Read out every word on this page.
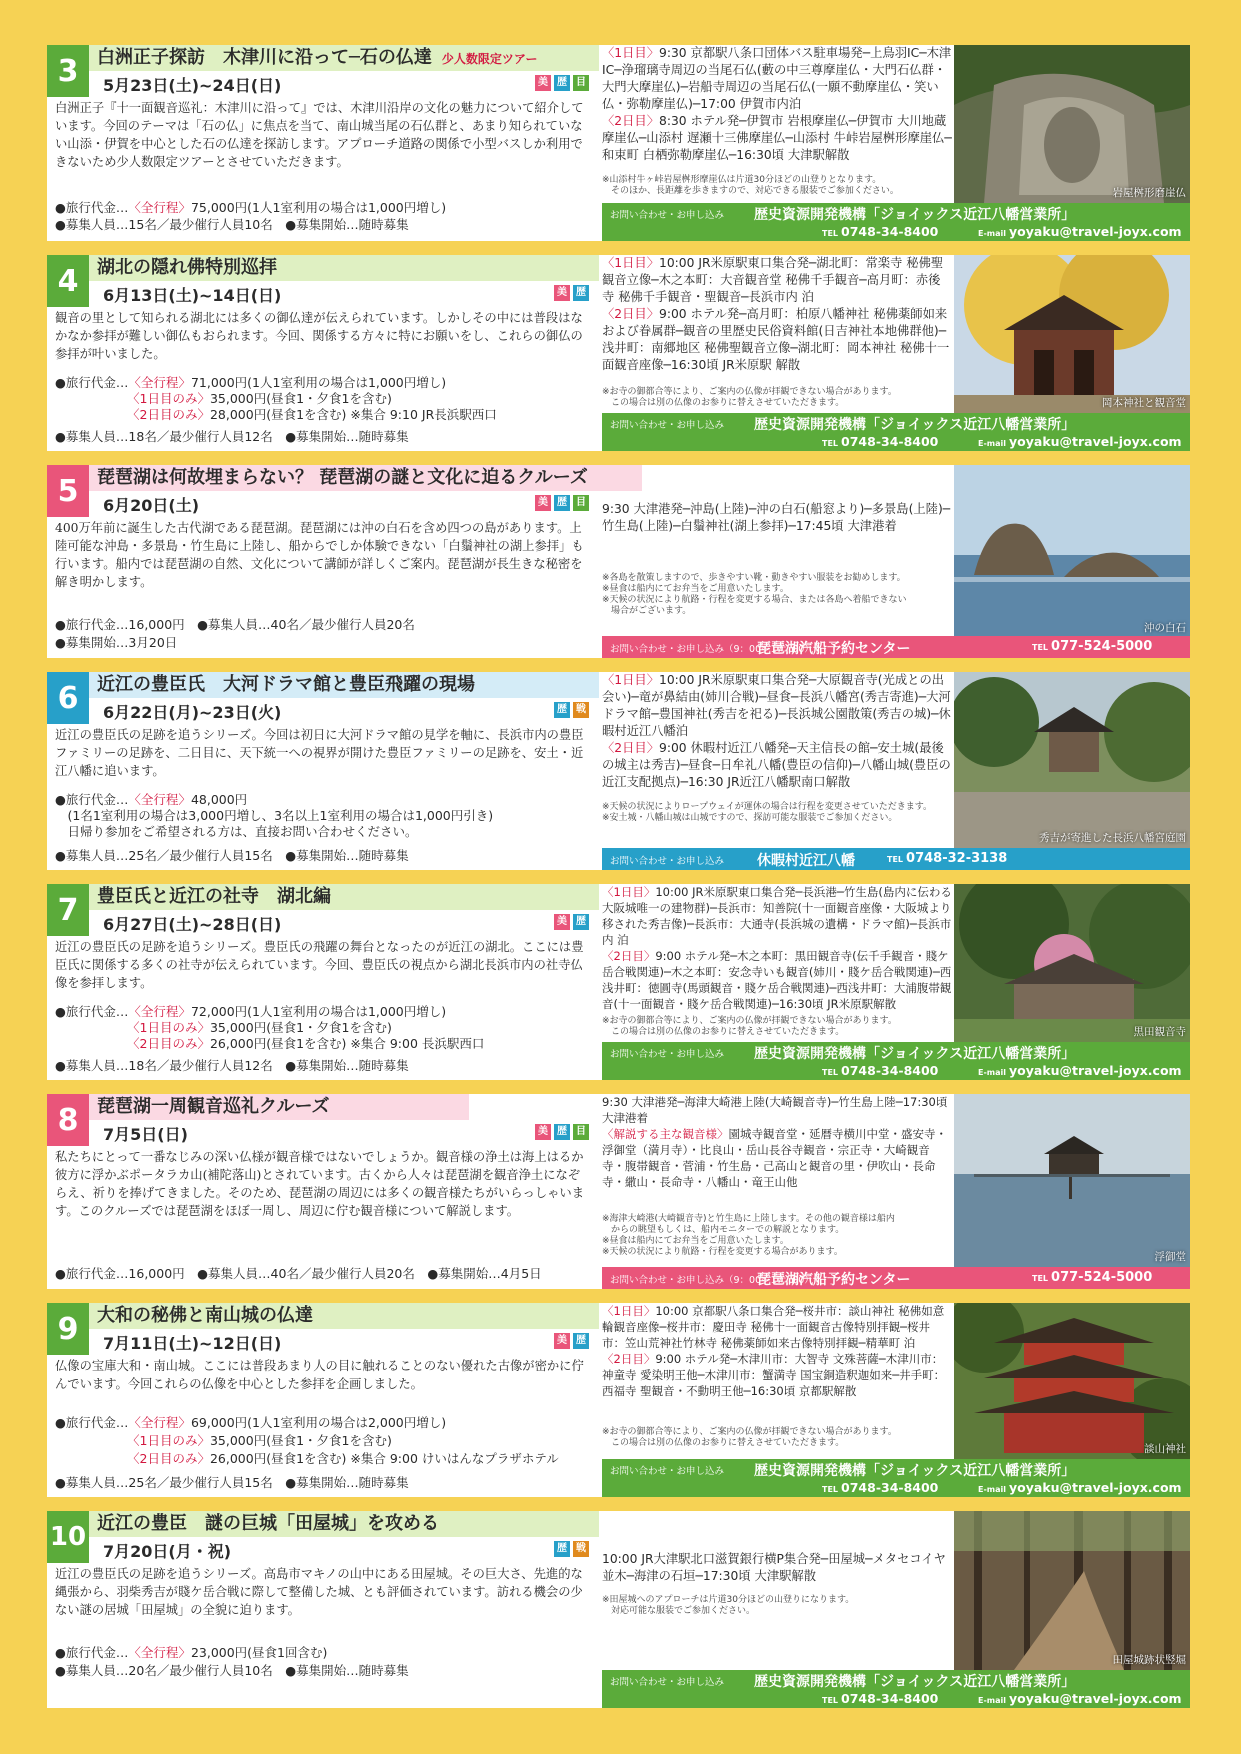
3	白洲正子探訪　木津川に沿って─石の仏達 少人数限定ツアー
5月23日(土)~24日(日)	美 歴 目
白洲正子『十一面観音巡礼：木津川に沿って』では、木津川沿岸の文化の魅力について紹介しています。今回のテーマは「石の仏」に焦点を当て、南山城当尾の石仏群と、あまり知られていない山添・伊賀を中心とした石の仏達を探訪します。アプローチ道路の関係で小型バスしか利用できないため少人数限定ツアーとさせていただきます。
●旅行代金…〈全行程〉75,000円(1人1室利用の場合は1,000円増し)
●募集人員…15名／最少催行人員10名　●募集開始…随時募集
〈1日目〉9:30 京都駅八条口団体バス駐車場発─上鳥羽IC─木津IC─浄瑠璃寺周辺の当尾石仏(藪の中三尊摩崖仏・大門石仏群・大門大摩崖仏)─岩船寺周辺の当尾石仏(一願不動摩崖仏・笑い仏・弥勒摩崖仏)─17:00 伊賀市内泊
〈2日目〉8:30 ホテル発─伊賀市 岩根摩崖仏─伊賀市 大川地蔵摩崖仏─山添村 遅瀬十三佛摩崖仏─山添村 牛峠岩屋桝形摩崖仏─和束町 白栖弥勒摩崖仏─16:30頃 大津駅解散
※山添村牛ヶ峠岩屋桝形摩崖仏は片道30分ほどの山登りとなります。
　そのほか、長距離を歩きますので、対応できる服装でご参加ください。	岩屋桝形磨崖仏
お問い合わせ・お申し込み 歴史資源開発機構「ジョイックス近江八幡営業所」
TEL 0748-34-8400	E-mail yoyaku@travel-joyx.com
4	湖北の隠れ佛特別巡拝
6月13日(土)~14日(日)	美 歴
観音の里として知られる湖北には多くの御仏達が伝えられています。しかしその中には普段はなかなか参拝が難しい御仏もおられます。今回、関係する方々に特にお願いをし、これらの御仏の参拝が叶いました。
●旅行代金…〈全行程〉71,000円(1人1室利用の場合は1,000円増し)
〈1日目のみ〉35,000円(昼食1・夕食1を含む)
〈2日目のみ〉28,000円(昼食1を含む) ※集合 9:10 JR長浜駅西口
●募集人員…18名／最少催行人員12名　●募集開始…随時募集
〈1日目〉10:00 JR米原駅東口集合発─湖北町：常楽寺 秘佛聖観音立像─木之本町：大音観音堂 秘佛千手観音─高月町：赤後寺 秘佛千手観音・聖観音─長浜市内 泊
〈2日目〉9:00 ホテル発─高月町：柏原八幡神社 秘佛薬師如来および眷属群─観音の里歴史民俗資料館(日吉神社本地佛群他)─浅井町：南郷地区 秘佛聖観音立像─湖北町：岡本神社 秘佛十一面観音座像─16:30頃 JR米原駅 解散
※お寺の御都合等により、ご案内の仏像が拝観できない場合があります。
　この場合は別の仏像のお参りに替えさせていただきます。	岡本神社と観音堂
お問い合わせ・お申し込み 歴史資源開発機構「ジョイックス近江八幡営業所」
TEL 0748-34-8400	E-mail yoyaku@travel-joyx.com
5	琵琶湖は何故埋まらない？ 琵琶湖の謎と文化に迫るクルーズ
6月20日(土)	美 歴 目
400万年前に誕生した古代湖である琵琶湖。琵琶湖には沖の白石を含め四つの島があります。上陸可能な沖島・多景島・竹生島に上陸し、船からでしか体験できない「白鬚神社の湖上参拝」も行います。船内では琵琶湖の自然、文化について講師が詳しくご案内。琵琶湖が長生きな秘密を解き明かします。
●旅行代金…16,000円　●募集人員…40名／最少催行人員20名
●募集開始…3月20日
9:30 大津港発─沖島(上陸)─沖の白石(船窓より)─多景島(上陸)─竹生島(上陸)─白鬚神社(湖上参拝)─17:45頃 大津港着
※各島を散策しますので、歩きやすい靴・動きやすい服装をお勧めします。
※昼食は船内にてお弁当をご用意いたします。
※天候の状況により航路・行程を変更する場合、または各島へ着船できない
　場合がございます。
沖の白石
お問い合わせ・お申し込み（9：00〜17：00）
琵琶湖汽船予約センター	TEL 077-524-5000
6	近江の豊臣氏　大河ドラマ館と豊臣飛躍の現場
6月22日(月)~23日(火)	歴 戦
近江の豊臣氏の足跡を追うシリーズ。今回は初日に大河ドラマ館の見学を軸に、長浜市内の豊臣ファミリーの足跡を、二日目に、天下統一への視界が開けた豊臣ファミリーの足跡を、安土・近江八幡に追います。
●旅行代金…〈全行程〉48,000円
　(1名1室利用の場合は3,000円増し、3名以上1室利用の場合は1,000円引き)
　日帰り参加をご希望される方は、直接お問い合わせください。
●募集人員…25名／最少催行人員15名　●募集開始…随時募集
〈1日目〉10:00 JR米原駅東口集合発─大原観音寺(光成との出会い)─竜が鼻結由(姉川合戦)─昼食─長浜八幡宮(秀吉寄進)─大河ドラマ館─豊国神社(秀吉を祀る)─長浜城公園散策(秀吉の城)─休暇村近江八幡泊
〈2日目〉9:00 休暇村近江八幡発─天主信長の館─安土城(最後の城主は秀吉)─昼食─日牟礼八幡(豊臣の信仰)─八幡山城(豊臣の近江支配拠点)─16:30 JR近江八幡駅南口解散
※天候の状況によりロープウェイが運休の場合は行程を変更させていただきます。
※安土城・八幡山城は山城ですので、探訪可能な服装でご参加ください。
秀吉が寄進した長浜八幡宮庭園
お問い合わせ・お申し込み 休暇村近江八幡	TEL 0748-32-3138
7	豊臣氏と近江の社寺　湖北編
6月27日(土)~28日(日)	美 歴
近江の豊臣氏の足跡を追うシリーズ。豊臣氏の飛躍の舞台となったのが近江の湖北。ここには豊臣氏に関係する多くの社寺が伝えられています。今回、豊臣氏の視点から湖北長浜市内の社寺仏像を参拝します。
●旅行代金…〈全行程〉72,000円(1人1室利用の場合は1,000円増し)
〈1日目のみ〉35,000円(昼食1・夕食1を含む)
〈2日目のみ〉26,000円(昼食1を含む) ※集合 9:00 長浜駅西口
●募集人員…18名／最少催行人員12名　●募集開始…随時募集
〈1日目〉10:00 JR米原駅東口集合発─長浜港─竹生島(島内に伝わる大阪城唯一の建物群)─長浜市：知善院(十一面観音座像・大阪城より移された秀吉像)─長浜市：大通寺(長浜城の遺構・ドラマ館)─長浜市内 泊
〈2日目〉9:00 ホテル発─木之本町：黒田観音寺(伝千手観音・賤ケ岳合戦関連)─木之本町：安念寺いも観音(姉川・賤ケ岳合戦関連)─西浅井町：徳圓寺(馬頭観音・賤ケ岳合戦関連)─西浅井町：大浦腹帯観音(十一面観音・賤ケ岳合戦関連)─16:30頃 JR米原駅解散
※お寺の御都合等により、ご案内の仏像が拝観できない場合があります。
　この場合は別の仏像のお参りに替えさせていただきます。	黒田観音寺
お問い合わせ・お申し込み 歴史資源開発機構「ジョイックス近江八幡営業所」
TEL 0748-34-8400	E-mail yoyaku@travel-joyx.com
8	琵琶湖一周観音巡礼クルーズ
7月5日(日)	美 歴 目
私たちにとって一番なじみの深い仏様が観音様ではないでしょうか。観音様の浄土は海上はるか彼方に浮かぶポータラカ山(補陀落山)とされています。古くから人々は琵琶湖を観音浄土になぞらえ、祈りを捧げてきました。そのため、琵琶湖の周辺には多くの観音様たちがいらっしゃいます。このクルーズでは琵琶湖をほぼ一周し、周辺に佇む観音様について解説します。
●旅行代金…16,000円　●募集人員…40名／最少催行人員20名　●募集開始…4月5日
9:30 大津港発─海津大崎港上陸(大崎観音寺)─竹生島上陸─17:30頃 大津港着
〈解説する主な観音様〉園城寺観音堂・延暦寺横川中堂・盛安寺・浮御堂（満月寺）・比良山・岳山長谷寺観音・宗正寺・大崎観音寺・腹帯観音・菅浦・竹生島・己高山と観音の里・伊吹山・長命寺・繖山・長命寺・八幡山・竜王山他
※海津大崎港(大崎観音寺)と竹生島に上陸します。その他の観音様は船内
　からの眺望もしくは、船内モニターでの解説となります。
※昼食は船内にてお弁当をご用意いたします。
※天候の状況により航路・行程を変更する場合があります。	浮御堂
お問い合わせ・お申し込み（9：00〜17：00）
琵琶湖汽船予約センター	TEL 077-524-5000
9	大和の秘佛と南山城の仏達
7月11日(土)~12日(日)	美 歴
仏像の宝庫大和・南山城。ここには普段あまり人の目に触れることのない優れた古像が密かに佇んでいます。今回これらの仏像を中心とした参拝を企画しました。
●旅行代金…〈全行程〉69,000円(1人1室利用の場合は2,000円増し)
〈1日目のみ〉35,000円(昼食1・夕食1を含む)
〈2日目のみ〉26,000円(昼食1を含む) ※集合 9:00 けいはんなプラザホテル
●募集人員…25名／最少催行人員15名　●募集開始…随時募集
〈1日目〉10:00 京都駅八条口集合発─桜井市：談山神社 秘佛如意輪観音座像─桜井市：慶田寺 秘佛十一面観音古像特別拝観─桜井市：笠山荒神社竹林寺 秘佛薬師如来古像特別拝観─精華町 泊
〈2日目〉9:00 ホテル発─木津川市：大智寺 文殊菩薩─木津川市：神童寺 愛染明王他─木津川市：蟹満寺 国宝銅造釈迦如来─井手町：西福寺 聖観音・不動明王他─16:30頃 京都駅解散
※お寺の御都合等により、ご案内の仏像が拝観できない場合があります。
　この場合は別の仏像のお参りに替えさせていただきます。	談山神社
お問い合わせ・お申し込み 歴史資源開発機構「ジョイックス近江八幡営業所」
TEL 0748-34-8400	E-mail yoyaku@travel-joyx.com
10 近江の豊臣　謎の巨城「田屋城」を攻める
7月20日(月・祝)	歴 戦
近江の豊臣氏の足跡を追うシリーズ。高島市マキノの山中にある田屋城。その巨大さ、先進的な縄張から、羽柴秀吉が賤ケ岳合戦に際して整備した城、とも評価されています。訪れる機会の少ない謎の居城「田屋城」の全貌に迫ります。
●旅行代金…〈全行程〉23,000円(昼食1回含む)
●募集人員…20名／最少催行人員10名　●募集開始…随時募集
10:00 JR大津駅北口滋賀銀行横P集合発─田屋城─メタセコイヤ並木─海津の石垣─17:30頃 大津駅解散
※田屋城へのアプローチは片道30分ほどの山登りになります。
　対応可能な服装でご参加ください。
田屋城跡状竪堀
お問い合わせ・お申し込み 歴史資源開発機構「ジョイックス近江八幡営業所」
TEL 0748-34-8400	E-mail yoyaku@travel-joyx.com
